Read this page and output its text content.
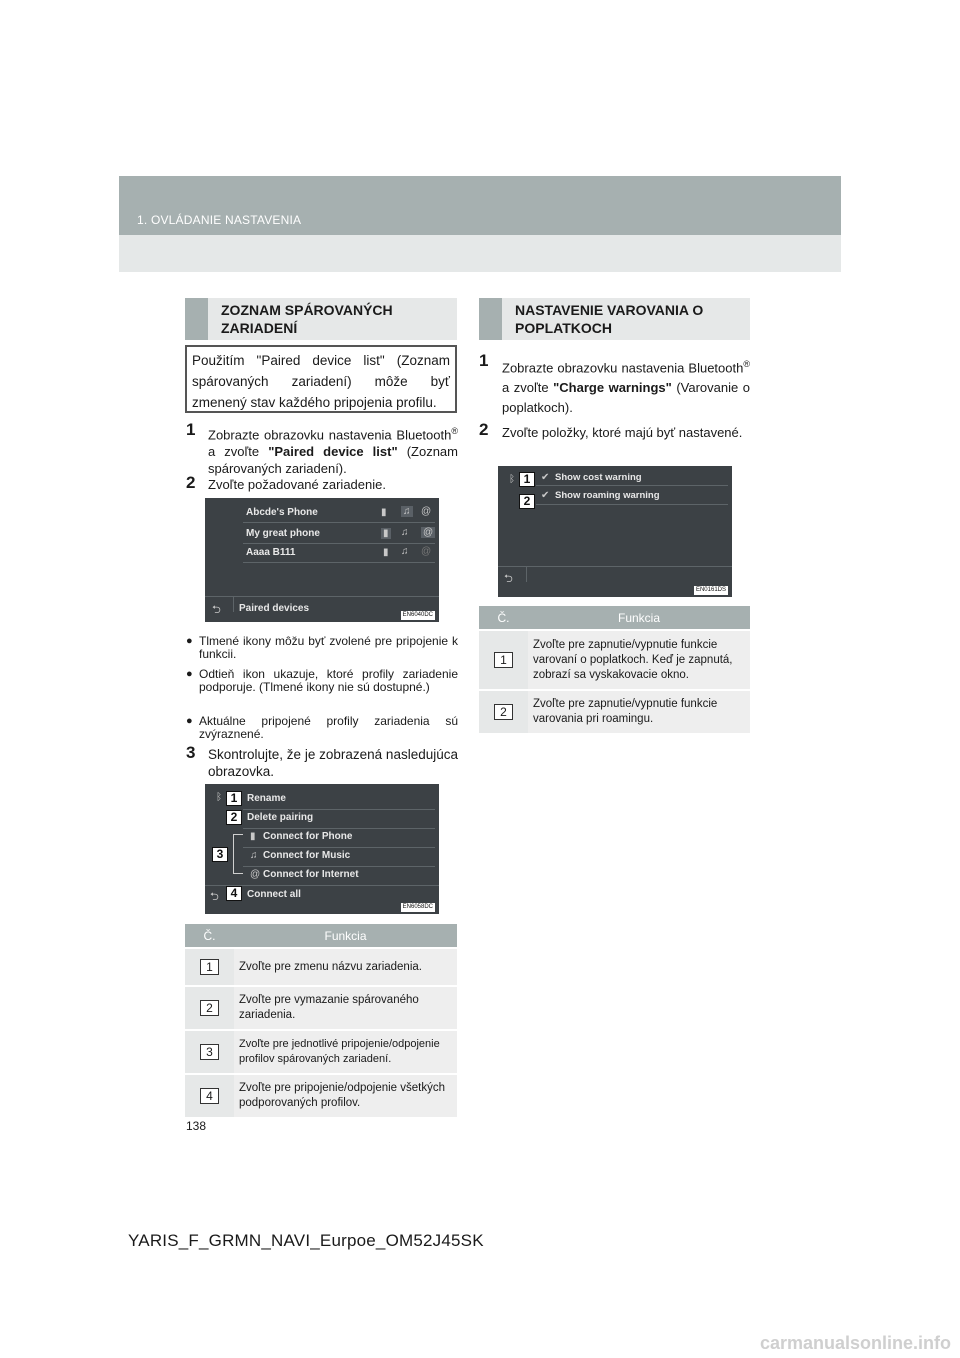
1. OVLÁDANIE NASTAVENIA
ZOZNAM SPÁROVANÝCH ZARIADENÍ
Použitím "Paired device list" (Zoznam spárovaných zariadení) môže byť zmenený stav každého pripojenia profilu.
1 Zobrazte obrazovku nastavenia Bluetooth® a zvoľte "Paired device list" (Zoznam spárovaných zariadení).
2 Zvoľte požadované zariadenie.
Abcde's Phone	▮ ♫ @
My great phone	▮ ♫ @
Aaaa B111	▮ ♫ @
⮌ Paired devices
EN6040DC
● Tlmené ikony môžu byť zvolené pre pripojenie k funkcii.
● Odtieň ikon ukazuje, ktoré profily zariadenie podporuje. (Tlmené ikony nie sú dostupné.)
● Aktuálne pripojené profily zariadenia sú zvýraznené.
3 Skontrolujte, že je zobrazená nasledujúca obrazovka.
ᛒ 1 Rename
2 Delete pairing
▮ Connect for Phone
3	♫ Connect for Music
@ Connect for Internet
⮌ 4 Connect all
EN6058DC
Č.	Funkcia
1	Zvoľte pre zmenu názvu zariadenia.
2	Zvoľte pre vymazanie spárovaného zariadenia.
3	Zvoľte pre jednotlivé pripojenie/odpojenie profilov spárovaných zariadení.
4	Zvoľte pre pripojenie/odpojenie všetkých podporovaných profilov.
NASTAVENIE VAROVANIA O POPLATKOCH
1 Zobrazte obrazovku nastavenia Bluetooth® a zvoľte "Charge warnings" (Varovanie o poplatkoch).
2 Zvoľte položky, ktoré majú byť nastavené.
ᛒ 1	✔ Show cost warning
2	✔ Show roaming warning
⮌
EN0161DS
Č.	Funkcia
1	Zvoľte pre zapnutie/vypnutie funkcie varovaní o poplatkoch. Keď je zapnutá, zobrazí sa vyskakovacie okno.
2	Zvoľte pre zapnutie/vypnutie funkcie varovania pri roamingu.
138
YARIS_F_GRMN_NAVI_Eurpoe_OM52J45SK
carmanualsonline.info
